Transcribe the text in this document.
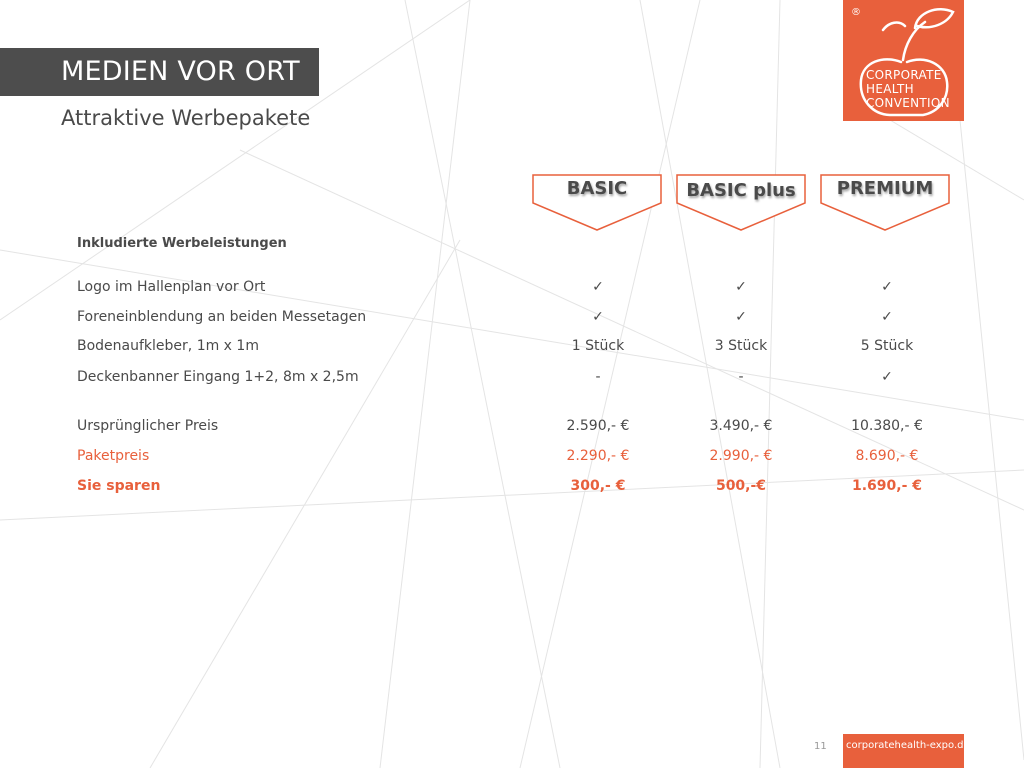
MEDIEN VOR ORT
Attraktive Werbepakete
®
CORPORATE
HEALTH
CONVENTION
BASIC	BASIC plus	PREMIUM
Inkludierte Werbeleistungen
Logo im Hallenplan vor Ort	✓	✓	✓
Foreneinblendung an beiden Messetagen	✓	✓	✓
Bodenaufkleber, 1m x 1m	1 Stück	3 Stück	5 Stück
Deckenbanner Eingang 1+2, 8m x 2,5m	-	-	✓
Ursprünglicher Preis	2.590,- €	3.490,- €	10.380,- €
Paketpreis	2.290,- €	2.990,- €	8.690,- €
Sie sparen	300,- €	500,-€	1.690,- €
11 corporatehealth-expo.de
